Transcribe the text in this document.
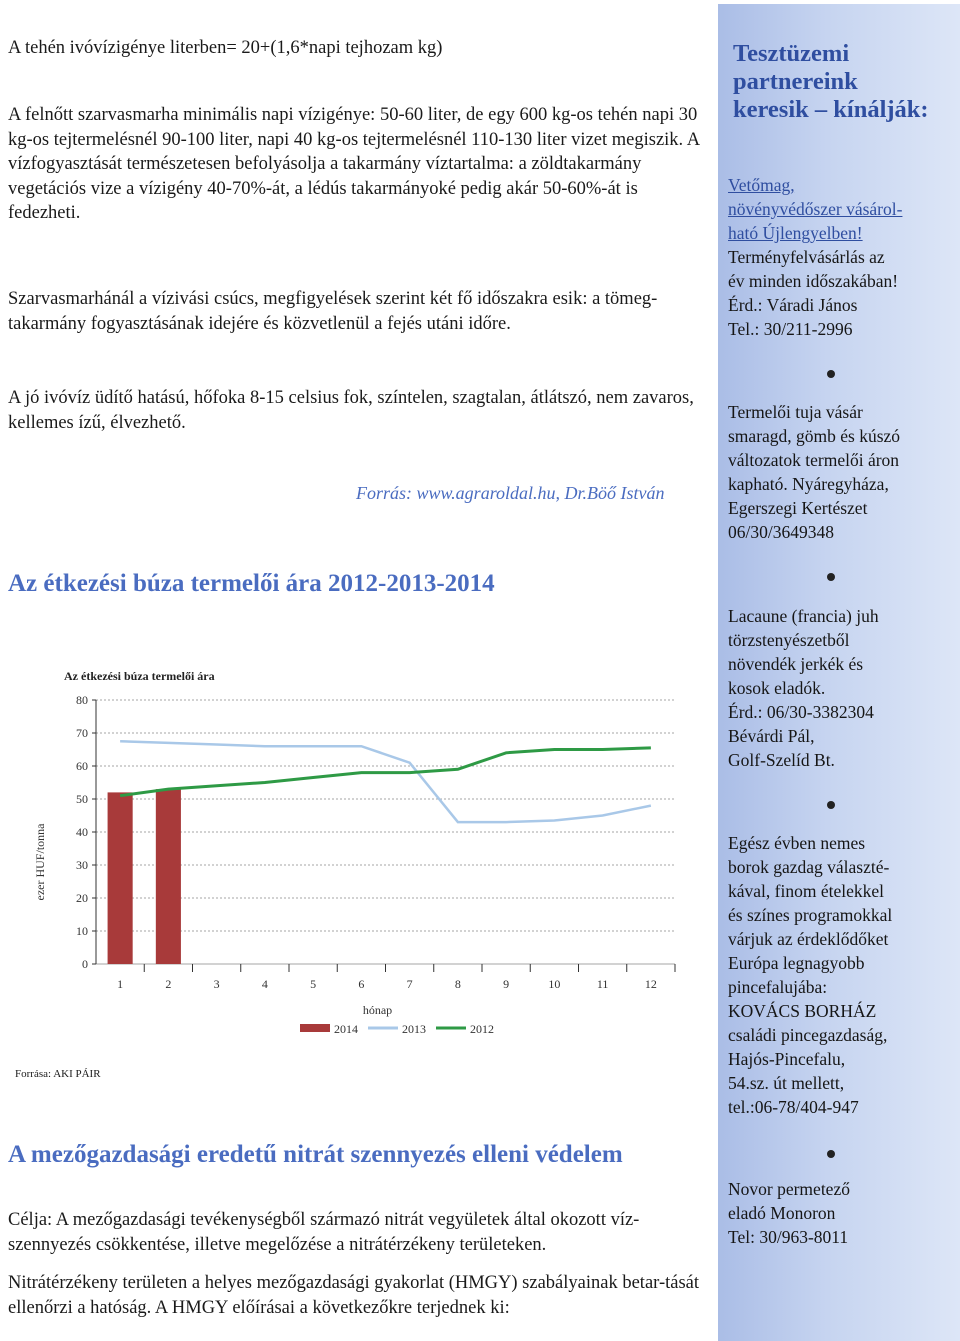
A tehén ivóvízigénye literben= 20+(1,6*napi tejhozam kg)

A felnőtt szarvasmarha minimális napi vízigénye: 50-60 liter, de egy 600 kg-os tehén napi 30 kg-os tejtermelésnél 90-100 liter, napi 40 kg-os tejtermelésnél 110-130 liter vizet megiszik. A vízfogyasztását természetesen befolyásolja a takarmány víztartalma: a zöldtakarmány vegetációs vize a vízigény 40-70%-át, a lédús takarmányoké pedig akár 50-60%-át is fedezheti.

Szarvasmarhánál a vízivási csúcs, megfigyelések szerint két fő időszakra esik: a tömeg-takarmány fogyasztásának idejére és közvetlenül a fejés utáni időre.

A jó ivóvíz üdítő hatású, hőfoka 8-15 celsius fok, színtelen, szagtalan, átlátszó, nem zavaros, kellemes ízű, élvezhető.

Forrás: www.agraroldal.hu, Dr.Böő István
Az étkezési búza termelői ára 2012-2013-2014
Az étkezési búza termelői ára
0
10
20
30
40
50
60
70
80
1	2	3	4	5	6	7	8	9	10	11	12
hónap
ezer HUF/tonna
2014	2013	2012
Forrása: AKI PÁIR
A mezőgazdasági eredetű nitrát szennyezés elleni védelem

Célja: A mezőgazdasági tevékenységből származó nitrát vegyületek által okozott víz-szennyezés csökkentése, illetve megelőzése a nitrátérzékeny területeken.

Nitrátérzékeny területen a helyes mezőgazdasági gyakorlat (HMGY) szabályainak betar-tását ellenőrzi a hatóság. A HMGY előírásai a következőkre terjednek ki:

Tesztüzemi
partnereink
keresik – kínálják:
Vetőmag,
növényvédőszer vásárol-
ható Újlengyelben!
Terményfelvásárlás az
év minden időszakában!
Érd.: Váradi János
Tel.: 30/211-2996
Termelői tuja vásár
smaragd, gömb és kúszó
változatok termelői áron
kapható. Nyáregyháza,
Egerszegi Kertészet
06/30/3649348
Lacaune (francia) juh
törzstenyészetből
növendék jerkék és
kosok eladók.
Érd.: 06/30-3382304
Bévárdi Pál,
Golf-Szelíd Bt.
Egész évben nemes
borok gazdag választé-
kával, finom ételekkel
és színes programokkal
várjuk az érdeklődőket
Európa legnagyobb
pincefalujába:
KOVÁCS BORHÁZ
családi pincegazdaság,
Hajós-Pincefalu,
54.sz. út mellett,
tel.:06-78/404-947
Novor permetező
eladó Monoron
Tel: 30/963-8011
